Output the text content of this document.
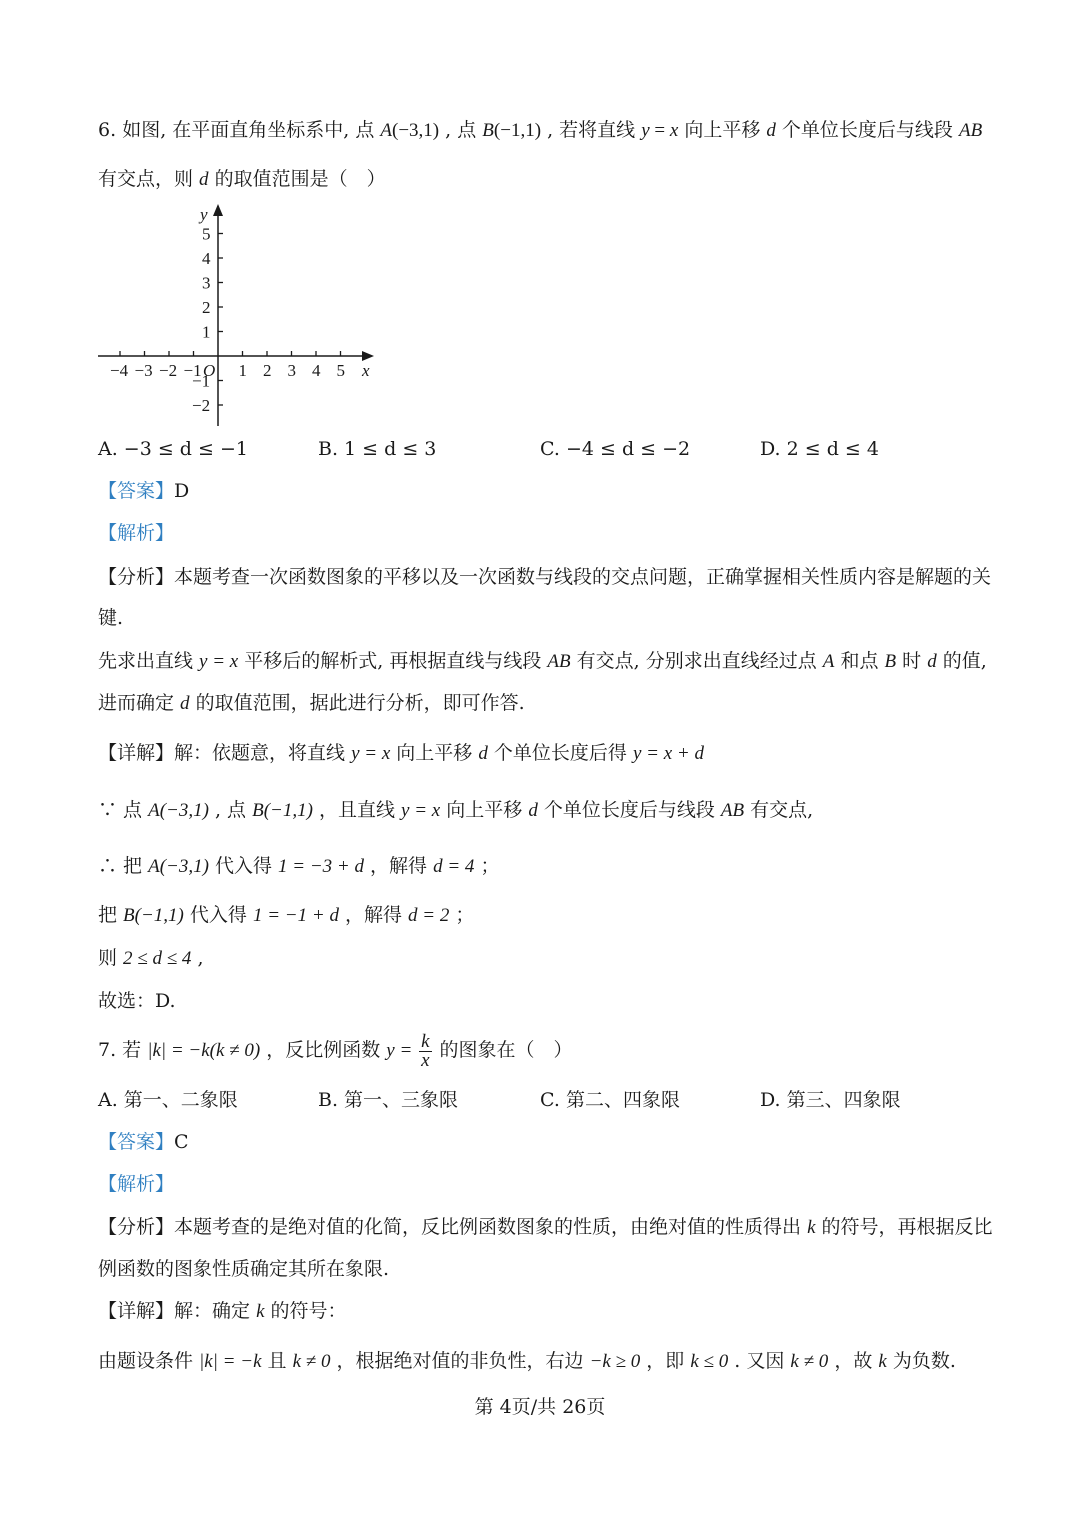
6. 如图, 在平面直角坐标系中, 点 A(−3,1) , 点 B(−1,1) , 若将直线 y = x 向上平移 d 个单位长度后与线段 AB
有交点，则 d 的取值范围是（　）
x
y
O
−4 −3 −2 −1 1 2 3 4 5
5
4
3
2
1
−1
−2
A. −3 ≤ d ≤ −1	B. 1 ≤ d ≤ 3	C. −4 ≤ d ≤ −2	D. 2 ≤ d ≤ 4
【答案】D
【解析】
【分析】本题考查一次函数图象的平移以及一次函数与线段的交点问题，正确掌握相关性质内容是解题的关
键.
先求出直线 y = x 平移后的解析式, 再根据直线与线段 AB 有交点, 分别求出直线经过点 A 和点 B 时 d 的值,
进而确定 d 的取值范围，据此进行分析，即可作答.
【详解】解：依题意，将直线 y = x 向上平移 d 个单位长度后得 y = x + d
∵ 点 A(−3,1) , 点 B(−1,1) ，且直线 y = x 向上平移 d 个单位长度后与线段 AB 有交点,
∴ 把 A(−3,1) 代入得 1 = −3 + d ，解得 d = 4 ；
把 B(−1,1) 代入得 1 = −1 + d ，解得 d = 2 ；
则 2 ≤ d ≤ 4 ,
故选：D.
7. 若 |k| = −k(k ≠ 0) ，反比例函数 $y = \frac{k}{x}$ 的图象在（　）
A. 第一、二象限	B. 第一、三象限	C. 第二、四象限	D. 第三、四象限
【答案】C
【解析】
【分析】本题考查的是绝对值的化简，反比例函数图象的性质，由绝对值的性质得出 k 的符号，再根据反比
例函数的图象性质确定其所在象限.
【详解】解：确定 k 的符号：
由题设条件 |k| = −k 且 k ≠ 0 ，根据绝对值的非负性，右边 −k ≥ 0 ，即 k ≤ 0 . 又因 k ≠ 0 ，故 k 为负数.
第 4页/共 26页
